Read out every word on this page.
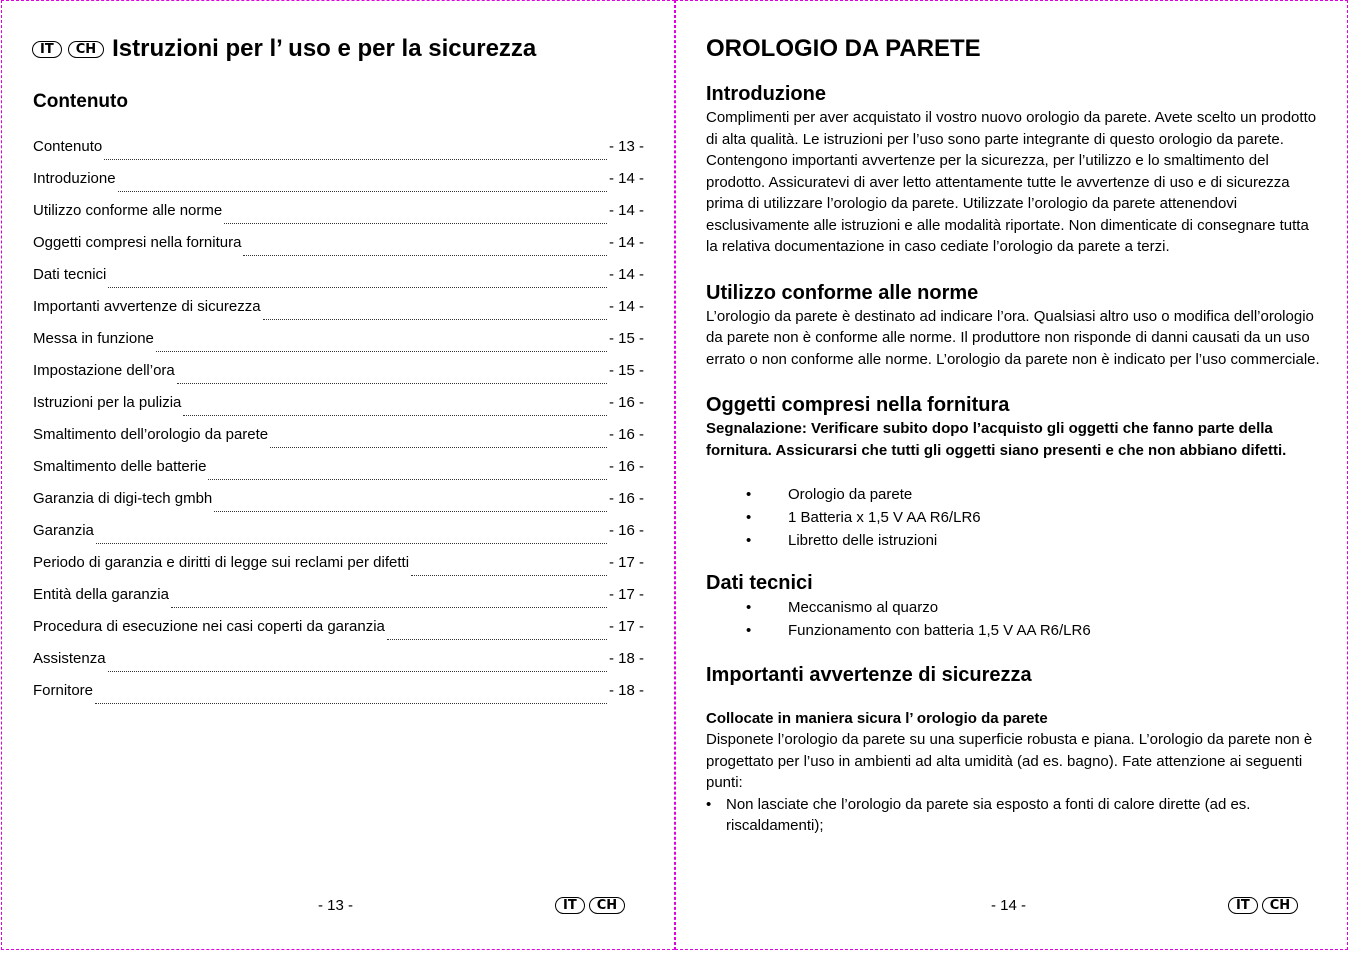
IT	CH Istruzioni per l’ uso e per la sicurezza
Contenuto
Contenuto	- 13 -
Introduzione	- 14 -
Utilizzo conforme alle norme	- 14 -
Oggetti compresi nella fornitura	- 14 -
Dati tecnici	- 14 -
Importanti avvertenze di sicurezza	- 14 -
Messa in funzione	- 15 -
Impostazione dell’ora	- 15 -
Istruzioni per la pulizia	- 16 -
Smaltimento dell’orologio da parete	- 16 -
Smaltimento delle batterie	- 16 -
Garanzia di digi-tech gmbh	- 16 -
Garanzia	- 16 -
Periodo di garanzia e diritti di legge sui reclami per difetti	- 17 -
Entità della garanzia	- 17 -
Procedura di esecuzione nei casi coperti da garanzia	- 17 -
Assistenza	- 18 -
Fornitore	- 18 -
- 13 -	IT	CH
OROLOGIO DA PARETE
Introduzione

Complimenti per aver acquistato il vostro nuovo orologio da parete. Avete scelto un prodotto di alta qualità. Le istruzioni per l’uso sono parte integrante di questo orologio da parete. Contengono importanti avvertenze per la sicurezza, per l’utilizzo e lo smaltimento del prodotto. Assicuratevi di aver letto attentamente tutte le avvertenze di uso e di sicurezza prima di utilizzare l’orologio da parete. Utilizzate l’orologio da parete attenendovi esclusivamente alle istruzioni e alle modalità riportate. Non dimenticate di consegnare tutta la relativa documentazione in caso cediate l’orologio da parete a terzi.

Utilizzo conforme alle norme

L’orologio da parete è destinato ad indicare l’ora. Qualsiasi altro uso o modifica dell’orologio da parete non è conforme alle norme. Il produttore non risponde di danni causati da un uso errato o non conforme alle norme. L’orologio da parete non è indicato per l’uso commerciale.

Oggetti compresi nella fornitura

Segnalazione: Verificare subito dopo l’acquisto gli oggetti che fanno parte della fornitura. Assicurarsi che tutti gli oggetti siano presenti e che non abbiano difetti.

•	Orologio da parete
•	1 Batteria x 1,5 V AA R6/LR6
•	Libretto delle istruzioni
Dati tecnici
•	Meccanismo al quarzo
•	Funzionamento con batteria 1,5 V AA R6/LR6
Importanti avvertenze di sicurezza
Collocate in maniera sicura l’ orologio da parete

Disponete l’orologio da parete su una superficie robusta e piana. L’orologio da parete non è progettato per l’uso in ambienti ad alta umidità (ad es. bagno). Fate attenzione ai seguenti punti:

• Non lasciate che l’orologio da parete sia esposto a fonti di calore dirette (ad es. riscaldamenti);
- 14 -	IT	CH
